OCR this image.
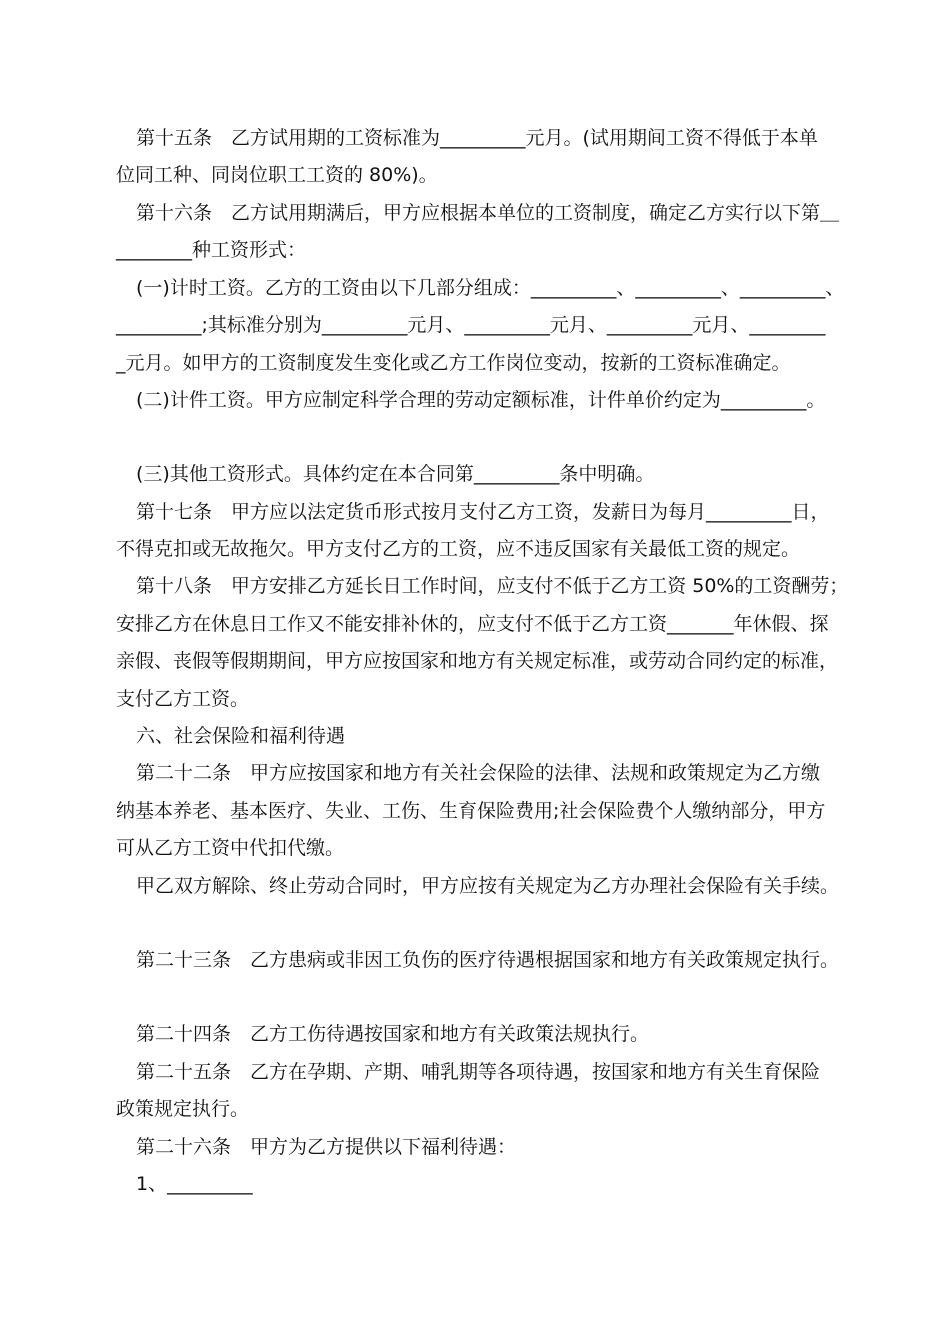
第十五条　乙方试用期的工资标准为_________元月。(试用期间工资不得低于本单
位同工种、同岗位职工工资的 80%)。
第十六条　乙方试用期满后，甲方应根据本单位的工资制度，确定乙方实行以下第＿
________种工资形式：
(一)计时工资。乙方的工资由以下几部分组成：_________、_________、_________、
_________;其标准分别为_________元月、_________元月、_________元月、________
_元月。如甲方的工资制度发生变化或乙方工作岗位变动，按新的工资标准确定。
(二)计件工资。甲方应制定科学合理的劳动定额标准，计件单价约定为_________。
(三)其他工资形式。具体约定在本合同第_________条中明确。
第十七条　甲方应以法定货币形式按月支付乙方工资，发薪日为每月_________日，
不得克扣或无故拖欠。甲方支付乙方的工资，应不违反国家有关最低工资的规定。
第十八条　甲方安排乙方延长日工作时间，应支付不低于乙方工资 50%的工资酬劳；
安排乙方在休息日工作又不能安排补休的，应支付不低于乙方工资_______年休假、探
亲假、丧假等假期期间，甲方应按国家和地方有关规定标准，或劳动合同约定的标准，
支付乙方工资。
六、社会保险和福利待遇
第二十二条　甲方应按国家和地方有关社会保险的法律、法规和政策规定为乙方缴
纳基本养老、基本医疗、失业、工伤、生育保险费用;社会保险费个人缴纳部分，甲方
可从乙方工资中代扣代缴。
甲乙双方解除、终止劳动合同时，甲方应按有关规定为乙方办理社会保险有关手续。
第二十三条　乙方患病或非因工负伤的医疗待遇根据国家和地方有关政策规定执行。
第二十四条　乙方工伤待遇按国家和地方有关政策法规执行。
第二十五条　乙方在孕期、产期、哺乳期等各项待遇，按国家和地方有关生育保险
政策规定执行。
第二十六条　甲方为乙方提供以下福利待遇：
1、_________
